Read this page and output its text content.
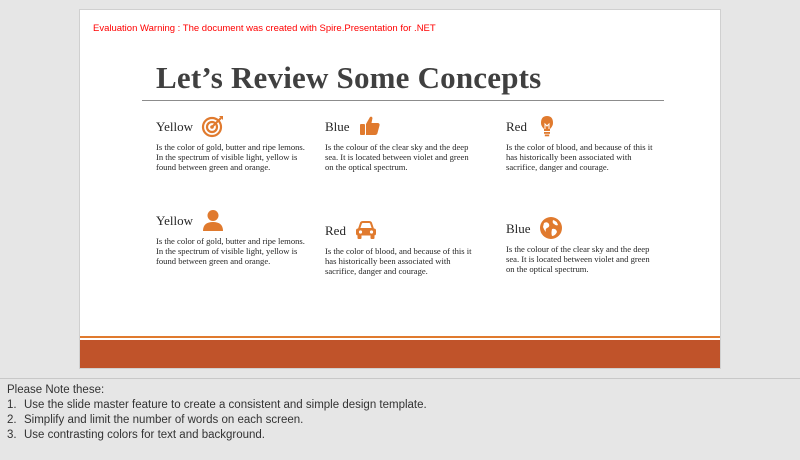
Evaluation Warning : The document was created with Spire.Presentation for .NET
Let’s Review Some Concepts
Yellow
Is the color of gold, butter and ripe lemons. In the spectrum of visible light, yellow is found between green and orange.
Blue
Is the colour of the clear sky and the deep sea. It is located between violet and green on the optical spectrum.
Red
Is the color of blood, and because of this it has historically been associated with sacrifice, danger and courage.
Yellow
Is the color of gold, butter and ripe lemons. In the spectrum of visible light, yellow is found between green and orange.
Red
Is the color of blood, and because of this it has historically been associated with sacrifice, danger and courage.
Blue
Is the colour of the clear sky and the deep sea. It is located between violet and green on the optical spectrum.
Please Note these:
1. Use the slide master feature to create a consistent and simple design template.
2. Simplify and limit the number of words on each screen.
3. Use contrasting colors for text and background.
